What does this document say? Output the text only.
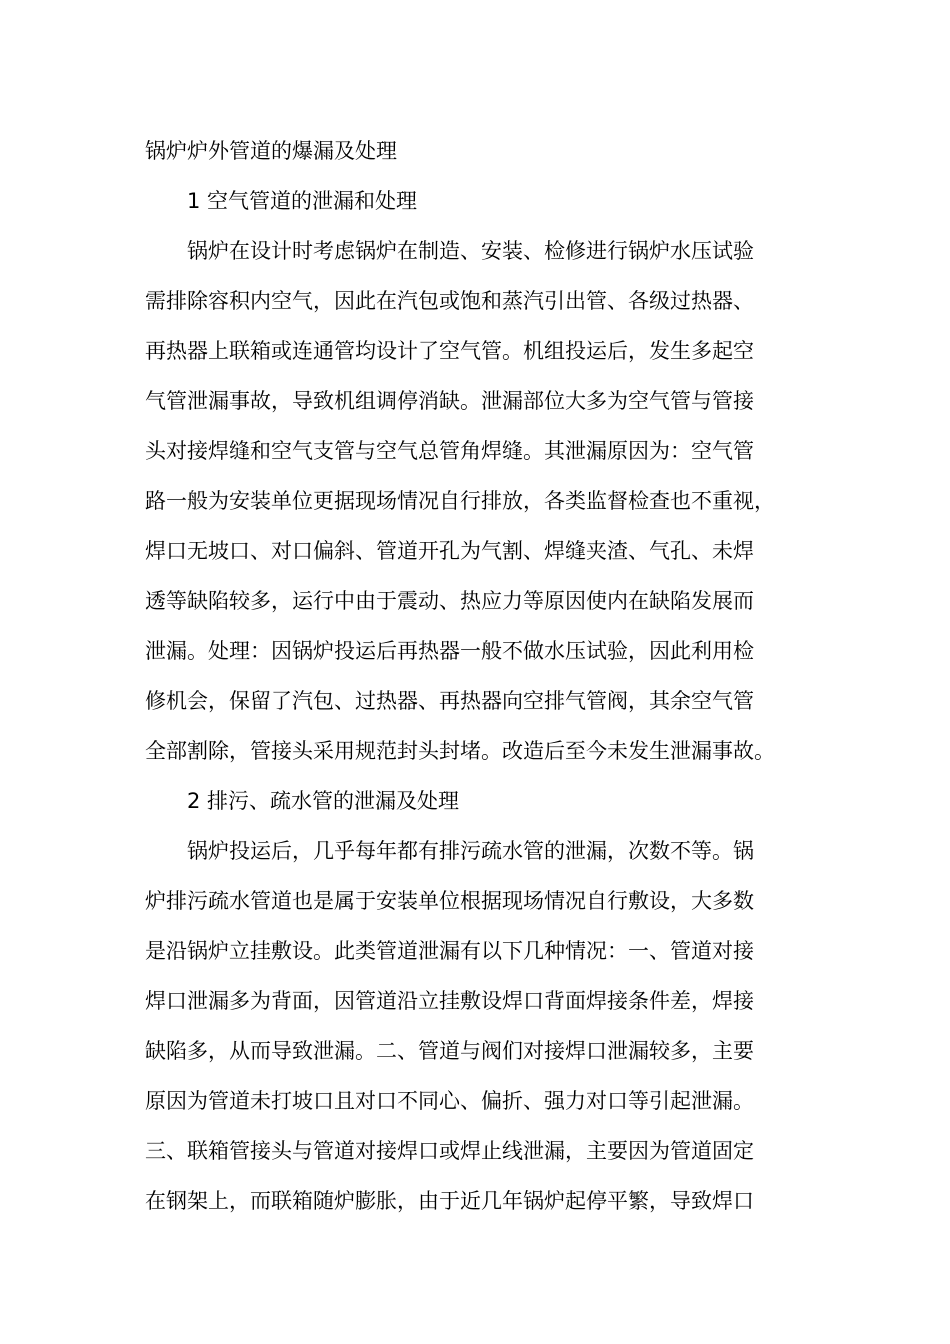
锅炉炉外管道的爆漏及处理
1 空气管道的泄漏和处理
锅炉在设计时考虑锅炉在制造、安装、检修进行锅炉水压试验
需排除容积内空气，因此在汽包或饱和蒸汽引出管、各级过热器、
再热器上联箱或连通管均设计了空气管。机组投运后，发生多起空
气管泄漏事故，导致机组调停消缺。泄漏部位大多为空气管与管接
头对接焊缝和空气支管与空气总管角焊缝。其泄漏原因为：空气管
路一般为安装单位更据现场情况自行排放，各类监督检查也不重视，
焊口无坡口、对口偏斜、管道开孔为气割、焊缝夹渣、气孔、未焊
透等缺陷较多，运行中由于震动、热应力等原因使内在缺陷发展而
泄漏。处理：因锅炉投运后再热器一般不做水压试验，因此利用检
修机会，保留了汽包、过热器、再热器向空排气管阀，其余空气管
全部割除，管接头采用规范封头封堵。改造后至今未发生泄漏事故。
2 排污、疏水管的泄漏及处理
锅炉投运后，几乎每年都有排污疏水管的泄漏，次数不等。锅
炉排污疏水管道也是属于安装单位根据现场情况自行敷设，大多数
是沿锅炉立挂敷设。此类管道泄漏有以下几种情况：一、管道对接
焊口泄漏多为背面，因管道沿立挂敷设焊口背面焊接条件差，焊接
缺陷多，从而导致泄漏。二、管道与阀们对接焊口泄漏较多，主要
原因为管道未打坡口且对口不同心、偏折、强力对口等引起泄漏。
三、联箱管接头与管道对接焊口或焊止线泄漏，主要因为管道固定
在钢架上，而联箱随炉膨胀，由于近几年锅炉起停平繁，导致焊口
